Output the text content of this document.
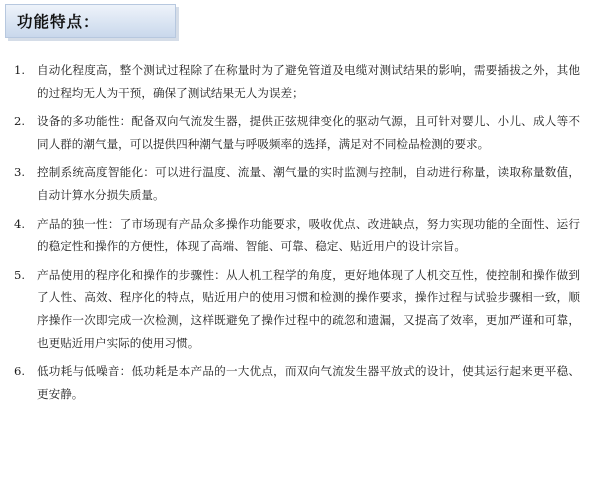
功能特点：
1.	自动化程度高，整个测试过程除了在称量时为了避免管道及电缆对测试结果的影响，需要插拔之外，其他的过程均无人为干预，确保了测试结果无人为误差；
2.	设备的多功能性：配备双向气流发生器，提供正弦规律变化的驱动气源，且可针对婴儿、小儿、成人等不同人群的潮气量，可以提供四种潮气量与呼吸频率的选择，满足对不同检品检测的要求。
3.	控制系统高度智能化：可以进行温度、流量、潮气量的实时监测与控制，自动进行称量，读取称量数值，自动计算水分损失质量。
4.	产品的独一性：了市场现有产品众多操作功能要求，吸收优点、改进缺点，努力实现功能的全面性、运行的稳定性和操作的方便性，体现了高端、智能、可靠、稳定、贴近用户的设计宗旨。
5.	产品使用的程序化和操作的步骤性：从人机工程学的角度，更好地体现了人机交互性，使控制和操作做到了人性、高效、程序化的特点，贴近用户的使用习惯和检测的操作要求，操作过程与试验步骤相一致，顺序操作一次即完成一次检测，这样既避免了操作过程中的疏忽和遗漏，又提高了效率，更加严谨和可靠，也更贴近用户实际的使用习惯。
6.	低功耗与低噪音：低功耗是本产品的一大优点，而双向气流发生器平放式的设计，使其运行起来更平稳、更安静。
